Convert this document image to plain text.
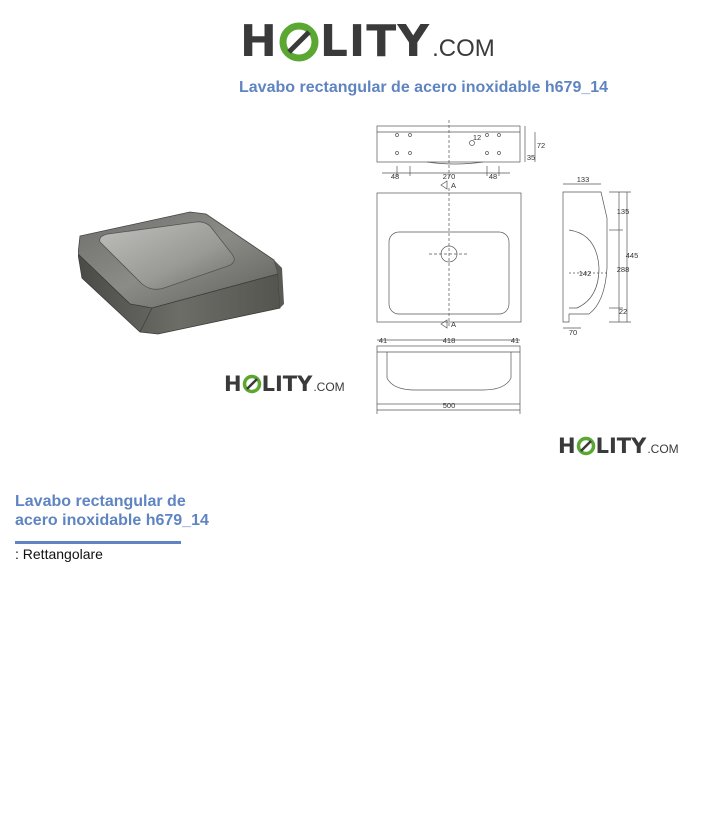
H LITY .COM
Lavabo rectangular de acero inoxidable h679_14
H LITY .COM
48	270	48
12
35
72
A
A
133
135
445
288
142
22
70
41	418	41
500
H LITY .COM
Lavabo rectangular de acero inoxidable h679_14
: Rettangolare
